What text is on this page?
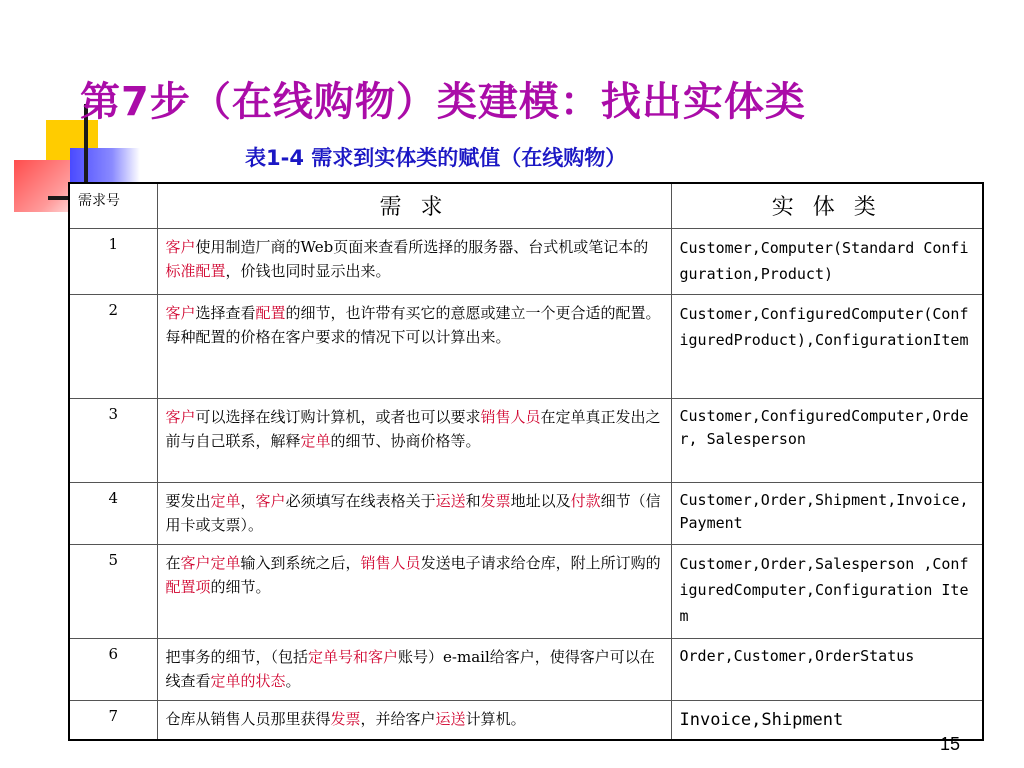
第7步（在线购物）类建模：找出实体类
表1-4 需求到实体类的赋值（在线购物）
需求号	需 求	实 体 类
1	客户使用制造厂商的Web页面来查看所选择的服务器、台式机或笔记本的标准配置，价钱也同时显示出来。	Customer,Computer(Standard Configuration,Product)
2	客户选择查看配置的细节，也许带有买它的意愿或建立一个更合适的配置。每种配置的价格在客户要求的情况下可以计算出来。	Customer,ConfiguredComputer(ConfiguredProduct),ConfigurationItem
3	客户可以选择在线订购计算机，或者也可以要求销售人员在定单真正发出之前与自己联系，解释定单的细节、协商价格等。	Customer,ConfiguredComputer,Order, Salesperson
4	要发出定单，客户必须填写在线表格关于运送和发票地址以及付款细节（信用卡或支票）。	Customer,Order,Shipment,Invoice,Payment
5	在客户定单输入到系统之后，销售人员发送电子请求给仓库，附上所订购的配置项的细节。	Customer,Order,Salesperson ,ConfiguredComputer,Configuration Item
6	把事务的细节，（包括定单号和客户账号）e-mail给客户，使得客户可以在线查看定单的状态。	Order,Customer,OrderStatus
7	仓库从销售人员那里获得发票，并给客户运送计算机。	Invoice,Shipment
15
